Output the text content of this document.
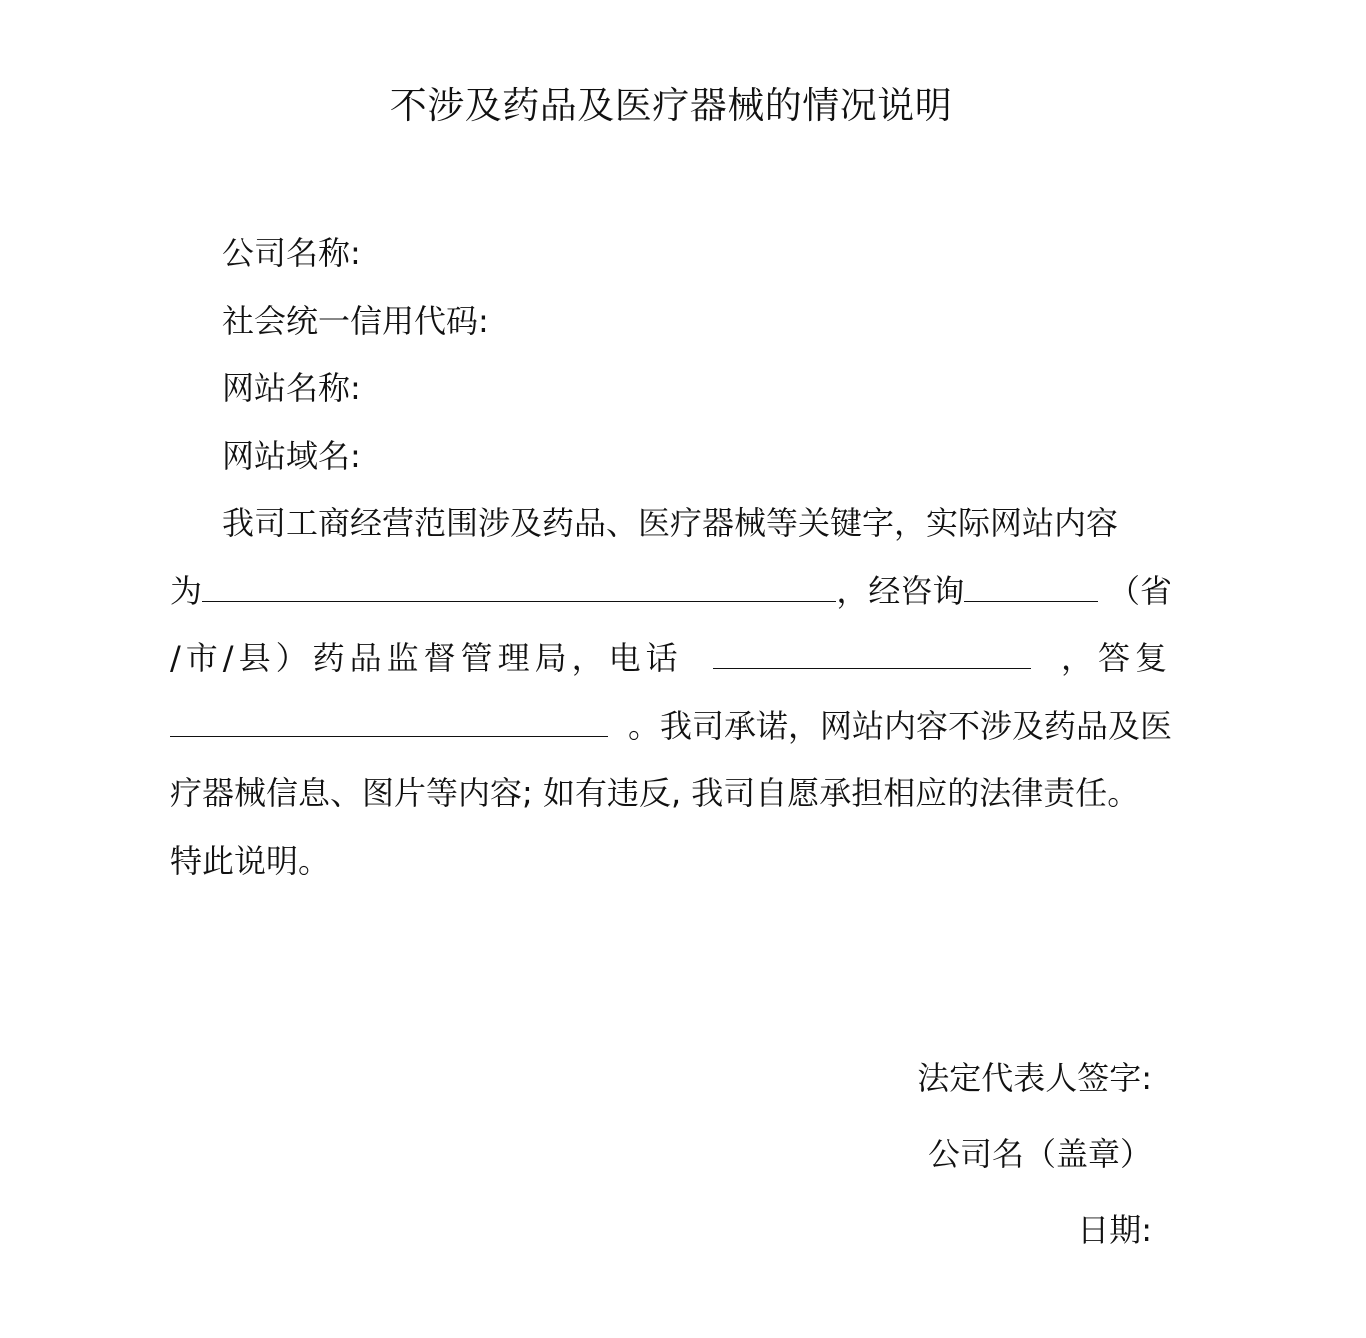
不涉及药品及医疗器械的情况说明
公司名称:
社会统一信用代码:
网站名称:
网站域名:
我司工商经营范围涉及药品、医疗器械等关键字，实际网站内容
为	，经咨询	（省
/市/县）药品监督管理局，电话	，答复
。我司承诺，网站内容不涉及药品及医
疗器械信息、图片等内容; 如有违反, 我司自愿承担相应的法律责任。
特此说明。
法定代表人签字:
公司名（盖章）
日期:
